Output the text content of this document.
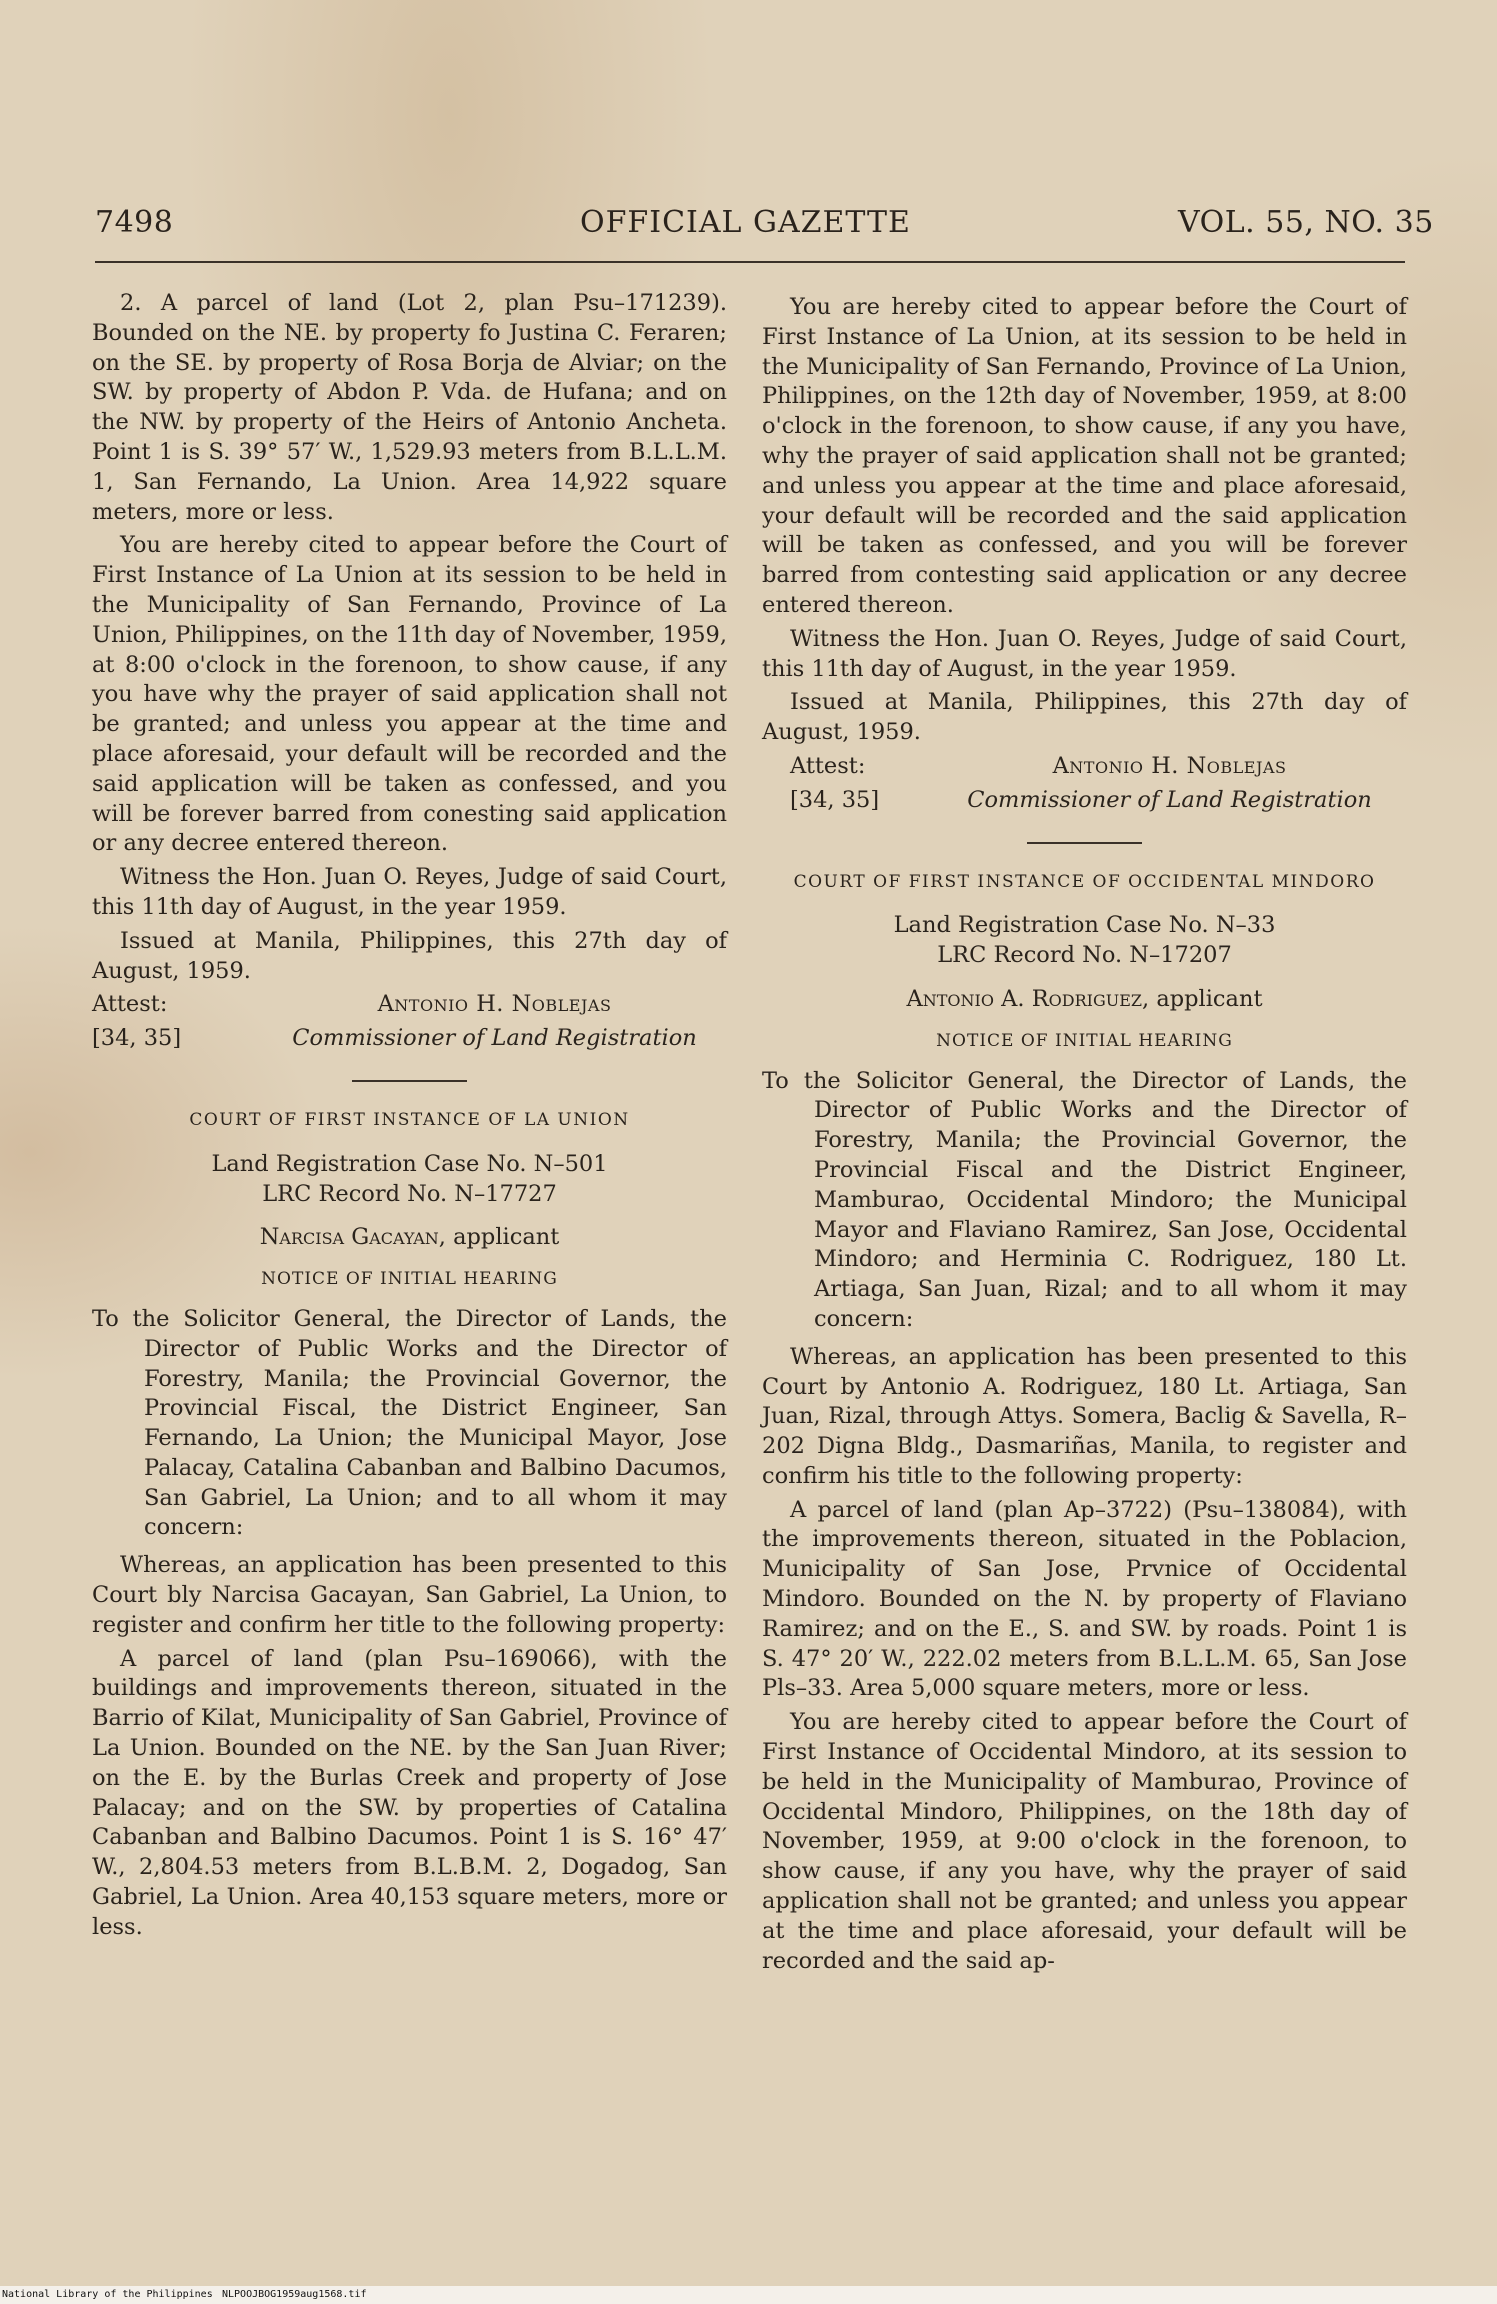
7498	OFFICIAL GAZETTE	VOL. 55, NO. 35

2. A parcel of land (Lot 2, plan Psu–171239). Bounded on the NE. by property fo Justina C. Feraren; on the SE. by property of Rosa Borja de Alviar; on the SW. by property of Abdon P. Vda. de Hufana; and on the NW. by property of the Heirs of Antonio Ancheta. Point 1 is S. 39° 57′ W., 1,529.93 meters from B.L.L.M. 1, San Fernando, La Union. Area 14,922 square meters, more or less.

You are hereby cited to appear before the Court of First Instance of La Union at its session to be held in the Municipality of San Fernando, Province of La Union, Philippines, on the 11th day of November, 1959, at 8:00 o'clock in the forenoon, to show cause, if any you have why the prayer of said application shall not be granted; and unless you appear at the time and place aforesaid, your default will be recorded and the said application will be taken as confessed, and you will be forever barred from conesting said application or any decree entered thereon.

Witness the Hon. Juan O. Reyes, Judge of said Court, this 11th day of August, in the year 1959.

Issued at Manila, Philippines, this 27th day of August, 1959.

Attest:	Antonio H. Noblejas
[34, 35]	Commissioner of Land Registration

COURT OF FIRST INSTANCE OF LA UNION

Land Registration Case No. N–501
LRC Record No. N–17727

Narcisa Gacayan, applicant

NOTICE OF INITIAL HEARING

To the Solicitor General, the Director of Lands, the Director of Public Works and the Director of Forestry, Manila; the Provincial Governor, the Provincial Fiscal, the District Engineer, San Fernando, La Union; the Municipal Mayor, Jose Palacay, Catalina Cabanban and Balbino Dacumos, San Gabriel, La Union; and to all whom it may concern:

Whereas, an application has been presented to this Court bly Narcisa Gacayan, San Gabriel, La Union, to register and confirm her title to the following property:

A parcel of land (plan Psu–169066), with the buildings and improvements thereon, situated in the Barrio of Kilat, Municipality of San Gabriel, Province of La Union. Bounded on the NE. by the San Juan River; on the E. by the Burlas Creek and property of Jose Palacay; and on the SW. by properties of Catalina Cabanban and Balbino Dacumos. Point 1 is S. 16° 47′ W., 2,804.53 meters from B.L.B.M. 2, Dogadog, San Gabriel, La Union. Area 40,153 square meters, more or less.

You are hereby cited to appear before the Court of First Instance of La Union, at its session to be held in the Municipality of San Fernando, Province of La Union, Philippines, on the 12th day of November, 1959, at 8:00 o'clock in the forenoon, to show cause, if any you have, why the prayer of said application shall not be granted; and unless you appear at the time and place aforesaid, your default will be recorded and the said application will be taken as confessed, and you will be forever barred from contesting said application or any decree entered thereon.

Witness the Hon. Juan O. Reyes, Judge of said Court, this 11th day of August, in the year 1959.

Issued at Manila, Philippines, this 27th day of August, 1959.

Attest:	Antonio H. Noblejas
[34, 35]	Commissioner of Land Registration

COURT OF FIRST INSTANCE OF OCCIDENTAL MINDORO

Land Registration Case No. N–33
LRC Record No. N–17207

Antonio A. Rodriguez, applicant

NOTICE OF INITIAL HEARING

To the Solicitor General, the Director of Lands, the Director of Public Works and the Director of Forestry, Manila; the Provincial Governor, the Provincial Fiscal and the District Engineer, Mamburao, Occidental Mindoro; the Municipal Mayor and Flaviano Ramirez, San Jose, Occidental Mindoro; and Herminia C. Rodriguez, 180 Lt. Artiaga, San Juan, Rizal; and to all whom it may concern:

Whereas, an application has been presented to this Court by Antonio A. Rodriguez, 180 Lt. Artiaga, San Juan, Rizal, through Attys. Somera, Baclig & Savella, R–202 Digna Bldg., Dasmariñas, Manila, to register and confirm his title to the following property:

A parcel of land (plan Ap–3722) (Psu–138084), with the improvements thereon, situated in the Poblacion, Municipality of San Jose, Prvnice of Occidental Mindoro. Bounded on the N. by property of Flaviano Ramirez; and on the E., S. and SW. by roads. Point 1 is S. 47° 20′ W., 222.02 meters from B.L.L.M. 65, San Jose Pls–33. Area 5,000 square meters, more or less.

You are hereby cited to appear before the Court of First Instance of Occidental Mindoro, at its session to be held in the Municipality of Mamburao, Province of Occidental Mindoro, Philippines, on the 18th day of November, 1959, at 9:00 o'clock in the forenoon, to show cause, if any you have, why the prayer of said application shall not be granted; and unless you appear at the time and place aforesaid, your default will be recorded and the said ap-

National Library of the Philippines NLPOOJBOG1959aug1568.tif
